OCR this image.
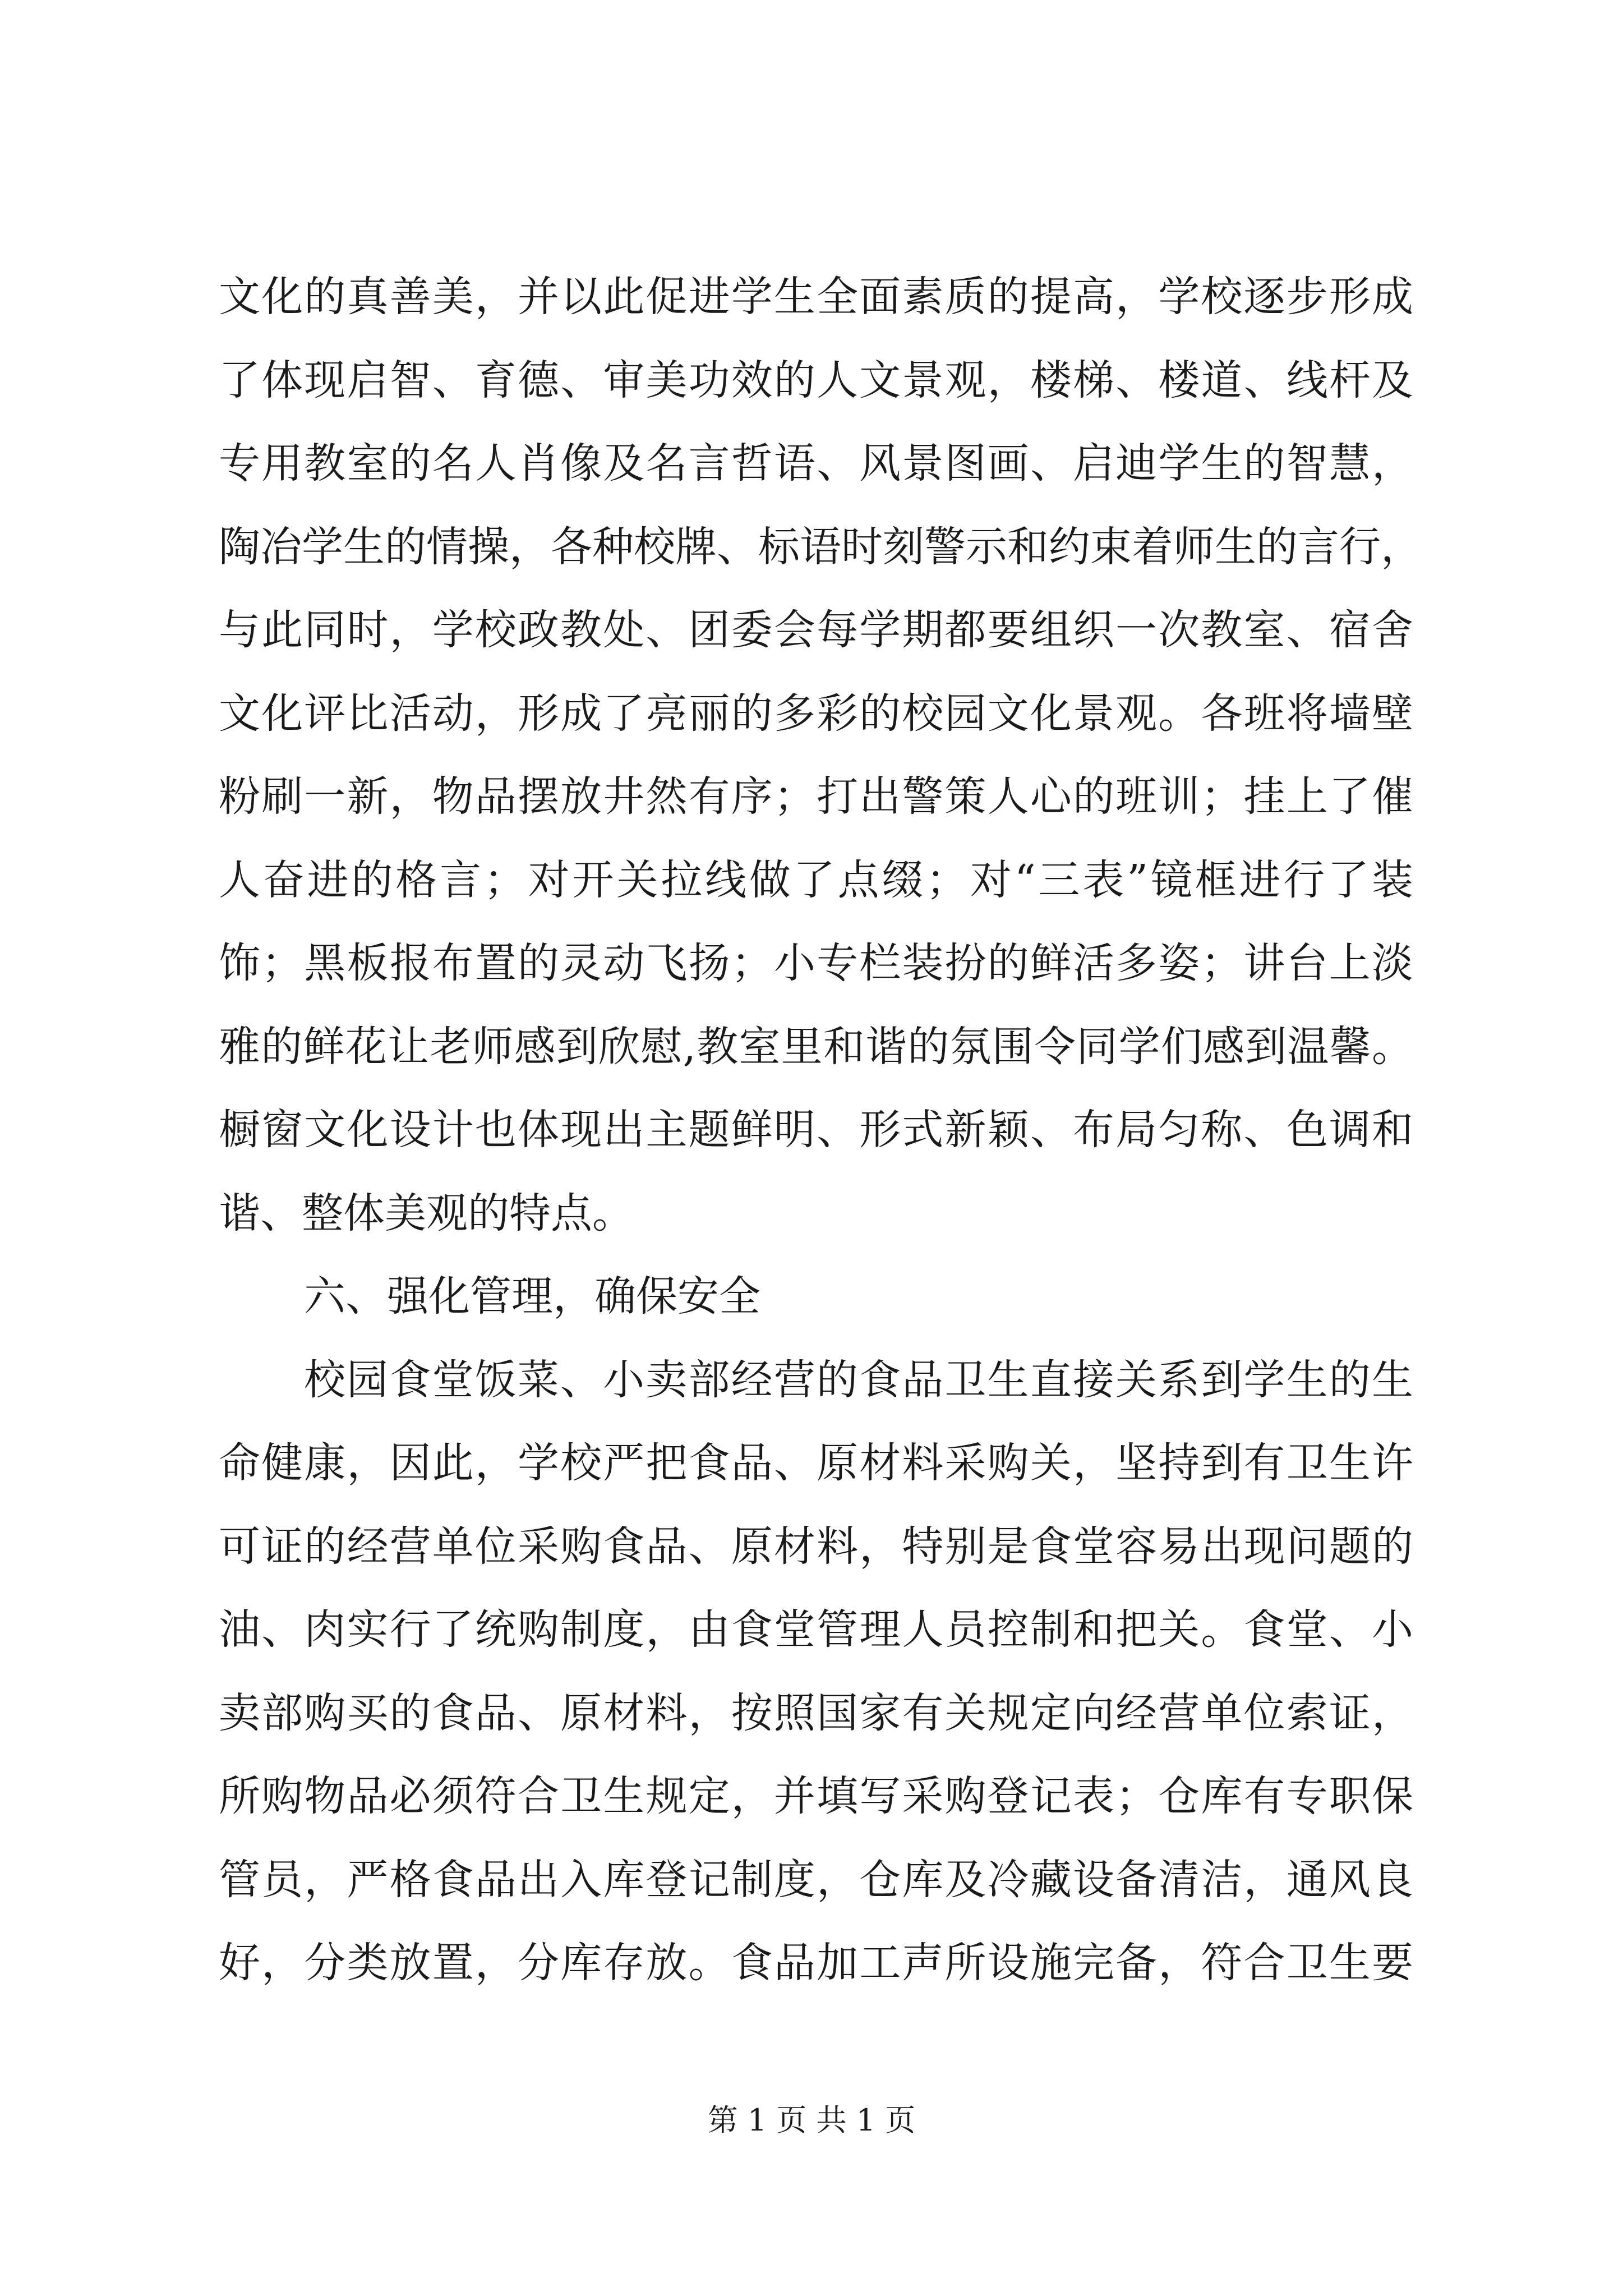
文化的真善美，并以此促进学生全面素质的提高，学校逐步形成
了体现启智、育德、审美功效的人文景观，楼梯、楼道、线杆及
专用教室的名人肖像及名言哲语、风景图画、启迪学生的智慧，
陶冶学生的情操，各种校牌、标语时刻警示和约束着师生的言行，
与此同时，学校政教处、团委会每学期都要组织一次教室、宿舍
文化评比活动，形成了亮丽的多彩的校园文化景观。各班将墙壁
粉刷一新，物品摆放井然有序；打出警策人心的班训；挂上了催
人奋进的格言；对开关拉线做了点缀；对“三表”镜框进行了装
饰；黑板报布置的灵动飞扬；小专栏装扮的鲜活多姿；讲台上淡
雅的鲜花让老师感到欣慰,教室里和谐的氛围令同学们感到温馨。
橱窗文化设计也体现出主题鲜明、形式新颖、布局匀称、色调和
谐、整体美观的特点。
六、强化管理，确保安全
校园食堂饭菜、小卖部经营的食品卫生直接关系到学生的生
命健康，因此，学校严把食品、原材料采购关，坚持到有卫生许
可证的经营单位采购食品、原材料，特别是食堂容易出现问题的
油、肉实行了统购制度，由食堂管理人员控制和把关。食堂、小
卖部购买的食品、原材料，按照国家有关规定向经营单位索证，
所购物品必须符合卫生规定，并填写采购登记表；仓库有专职保
管员，严格食品出入库登记制度，仓库及冷藏设备清洁，通风良
好，分类放置，分库存放。食品加工声所设施完备，符合卫生要
第 1 页 共 1 页
